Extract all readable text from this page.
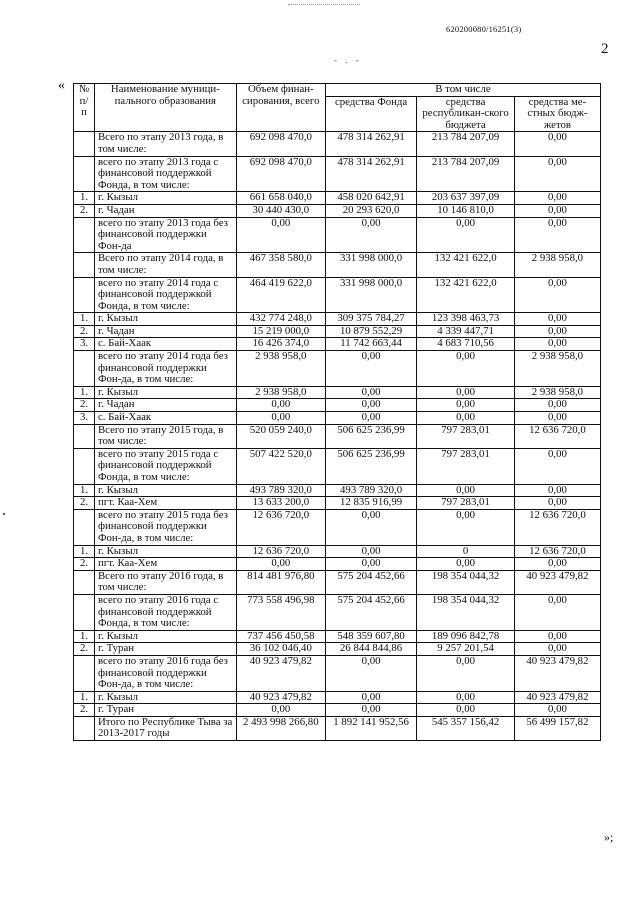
620200080/16251(3)
2
- . -
«
»;
№ п/п	Наименование муници-пального образования	Объем финан-сирования, всего	В том числе		
			средства Фонда	средства республикан-ского бюджета	средства ме-стных бюдж-жетов
	Всего по этапу 2013 года, в том числе:	692 098 470,0	478 314 262,91	213 784 207,09	0,00
	всего по этапу 2013 года с финансовой поддержкой Фонда, в том числе:	692 098 470,0	478 314 262,91	213 784 207,09	0,00
1.	г. Кызыл	661 658 040,0	458 020 642,91	203 637 397,09	0,00
2.	г. Чадан	30 440 430,0	20 293 620,0	10 146 810,0	0,00
	всего по этапу 2013 года без финансовой поддержки Фон-да	0,00	0,00	0,00	0,00
	Всего по этапу 2014 года, в том числе:	467 358 580,0	331 998 000,0	132 421 622,0	2 938 958,0
	всего по этапу 2014 года с финансовой поддержкой Фонда, в том числе:	464 419 622,0	331 998 000,0	132 421 622,0	0,00
1.	г. Кызыл	432 774 248,0	309 375 784,27	123 398 463,73	0,00
2.	г. Чадан	15 219 000,0	10 879 552,29	4 339 447,71	0,00
3.	с. Бай-Хаак	16 426 374,0	11 742 663,44	4 683 710,56	0,00
	всего по этапу 2014 года без финансовой поддержки Фон-да, в том числе:	2 938 958,0	0,00	0,00	2 938 958,0
1.	г. Кызыл	2 938 958,0	0,00	0,00	2 938 958,0
2.	г. Чадан	0,00	0,00	0,00	0,00
3.	с. Бай-Хаак	0,00	0,00	0,00	0,00
	Всего по этапу 2015 года, в том числе:	520 059 240,0	506 625 236,99	797 283,01	12 636 720,0
	всего по этапу 2015 года с финансовой поддержкой Фонда, в том числе:	507 422 520,0	506 625 236,99	797 283,01	0,00
1.	г. Кызыл	493 789 320,0	493 789 320,0	0,00	0,00
2.	пгт. Каа-Хем	13 633 200,0	12 835 916,99	797 283,01	0,00
	всего по этапу 2015 года без финансовой поддержки Фон-да, в том числе:	12 636 720,0	0,00	0,00	12 636 720,0
1.	г. Кызыл	12 636 720,0	0,00	0	12 636 720,0
2.	пгт. Каа-Хем	0,00	0,00	0,00	0,00
	Всего по этапу 2016 года, в том числе:	814 481 976,80	575 204 452,66	198 354 044,32	40 923 479,82
	всего по этапу 2016 года с финансовой поддержкой Фонда, в том числе:	773 558 496,98	575 204 452,66	198 354 044,32	0,00
1.	г. Кызыл	737 456 450,58	548 359 607,80	189 096 842,78	0,00
2.	г. Туран	36 102 046,40	26 844 844,86	9 257 201,54	0,00
	всего по этапу 2016 года без финансовой поддержки Фон-да, в том числе:	40 923 479,82	0,00	0,00	40 923 479,82
1.	г. Кызыл	40 923 479,82	0,00	0,00	40 923 479,82
2.	г. Туран	0,00	0,00	0,00	0,00
	Итого по Республике Тыва за 2013-2017 годы	2 493 998 266,80	1 892 141 952,56	545 357 156,42	56 499 157,82
